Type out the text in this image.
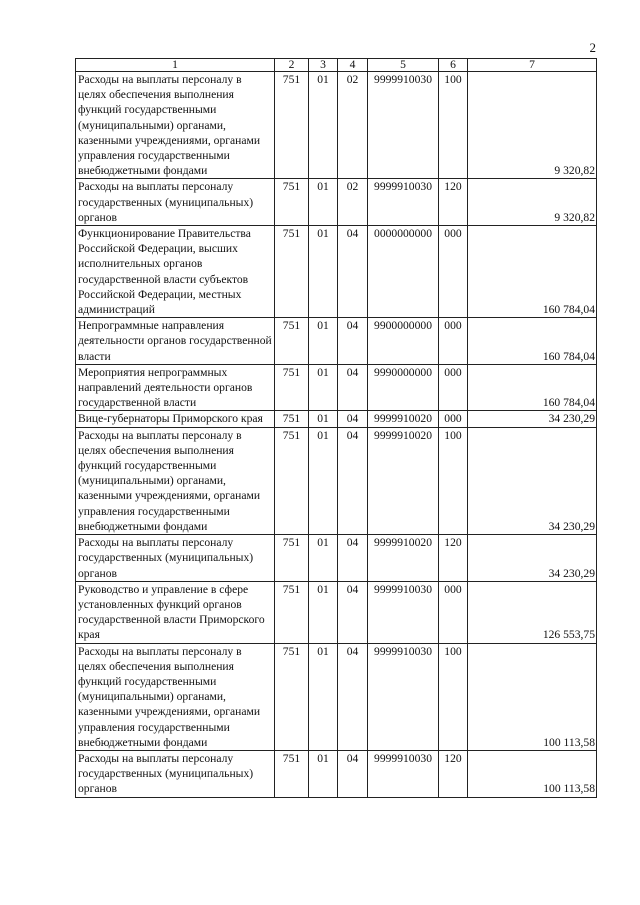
2
1	2	3	4	5	6	7
Расходы на выплаты персоналу в целях обеспечения выполнения функций государственными (муниципальными) органами, казенными учреждениями, органами управления государственными внебюджетными фондами	751	01	02	9999910030	100	9 320,82
Расходы на выплаты персоналу государственных (муниципальных) органов	751	01	02	9999910030	120	9 320,82
Функционирование Правительства Российской Федерации, высших исполнительных органов государственной власти субъектов Российской Федерации, местных администраций	751	01	04	0000000000	000	160 784,04
Непрограммные направления деятельности органов государственной власти	751	01	04	9900000000	000	160 784,04
Мероприятия непрограммных направлений деятельности органов государственной власти	751	01	04	9990000000	000	160 784,04
Вице-губернаторы Приморского края	751	01	04	9999910020	000	34 230,29
Расходы на выплаты персоналу в целях обеспечения выполнения функций государственными (муниципальными) органами, казенными учреждениями, органами управления государственными внебюджетными фондами	751	01	04	9999910020	100	34 230,29
Расходы на выплаты персоналу государственных (муниципальных) органов	751	01	04	9999910020	120	34 230,29
Руководство и управление в сфере установленных функций органов государственной власти Приморского края	751	01	04	9999910030	000	126 553,75
Расходы на выплаты персоналу в целях обеспечения выполнения функций государственными (муниципальными) органами, казенными учреждениями, органами управления государственными внебюджетными фондами	751	01	04	9999910030	100	100 113,58
Расходы на выплаты персоналу государственных (муниципальных) органов	751	01	04	9999910030	120	100 113,58
